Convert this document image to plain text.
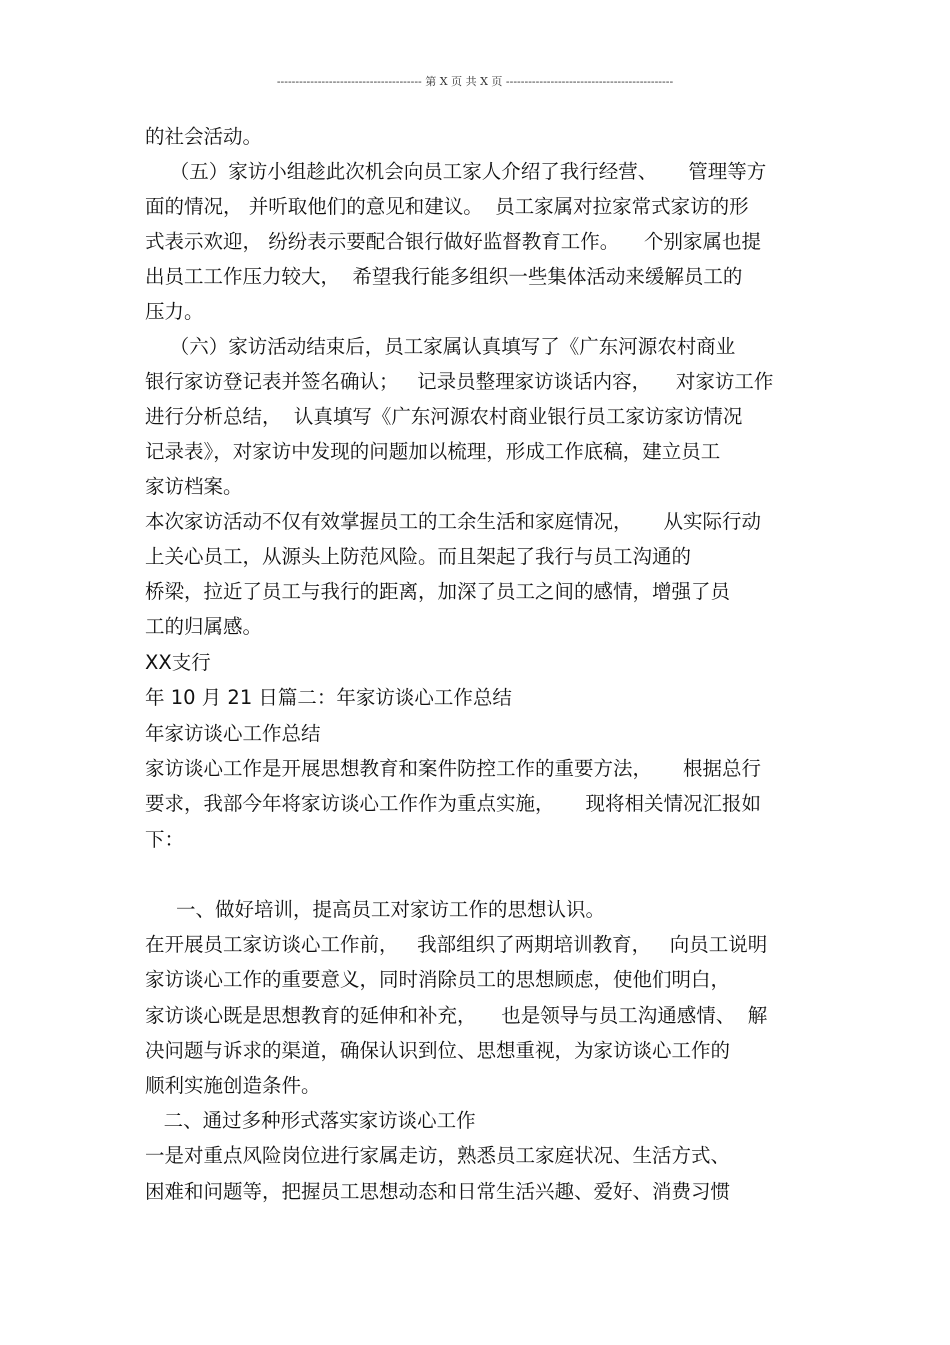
--------------------------------------- 第 X 页 共 X 页 ---------------------------------------------
的社会活动。
（五）家访小组趁此次机会向员工家人介绍了我行经营、     管理等方
面的情况， 并听取他们的意见和建议。  员工家属对拉家常式家访的形
式表示欢迎， 纷纷表示要配合银行做好监督教育工作。    个别家属也提
出员工工作压力较大，  希望我行能多组织一些集体活动来缓解员工的
压力。
（六）家访活动结束后，员工家属认真填写了《广东河源农村商业
银行家访登记表并签名确认；   记录员整理家访谈话内容，    对家访工作
进行分析总结，  认真填写《广东河源农村商业银行员工家访家访情况
记录表》，对家访中发现的问题加以梳理，形成工作底稿，建立员工
家访档案。
本次家访活动不仅有效掌握员工的工余生活和家庭情况，     从实际行动
上关心员工，从源头上防范风险。而且架起了我行与员工沟通的
桥梁，拉近了员工与我行的距离，加深了员工之间的感情，增强了员
工的归属感。
XX支行
年 10 月 21 日篇二：年家访谈心工作总结
年家访谈心工作总结
家访谈心工作是开展思想教育和案件防控工作的重要方法，     根据总行
要求，我部今年将家访谈心工作作为重点实施，     现将相关情况汇报如
下：
一、做好培训，提高员工对家访工作的思想认识。
在开展员工家访谈心工作前，   我部组织了两期培训教育，   向员工说明
家访谈心工作的重要意义，同时消除员工的思想顾虑，使他们明白，
家访谈心既是思想教育的延伸和补充，    也是领导与员工沟通感情、  解
决问题与诉求的渠道，确保认识到位、思想重视，为家访谈心工作的
顺利实施创造条件。
二、通过多种形式落实家访谈心工作
一是对重点风险岗位进行家属走访，熟悉员工家庭状况、生活方式、
困难和问题等，把握员工思想动态和日常生活兴趣、爱好、消费习惯
